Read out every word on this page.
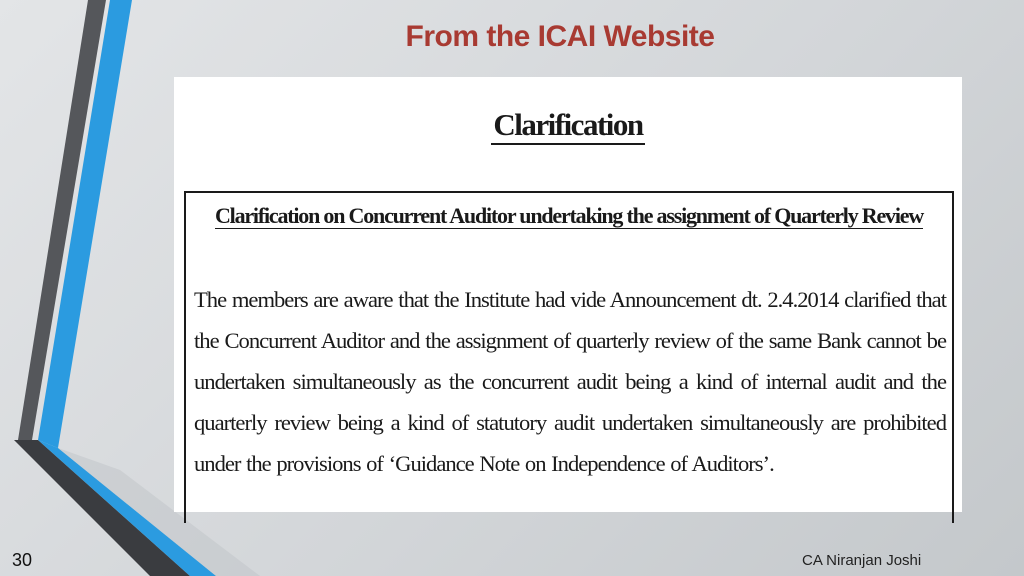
From the ICAI Website
Clarification
Clarification on Concurrent Auditor undertaking the assignment of Quarterly Review
The members are aware that the Institute had vide Announcement dt. 2.4.2014 clarified that the Concurrent Auditor and the assignment of quarterly review of the same Bank cannot be undertaken simultaneously as the concurrent audit being a kind of internal audit and the quarterly review being a kind of statutory audit undertaken simultaneously are prohibited under the provisions of ‘Guidance Note on Independence of Auditors’.
30	CA Niranjan Joshi
